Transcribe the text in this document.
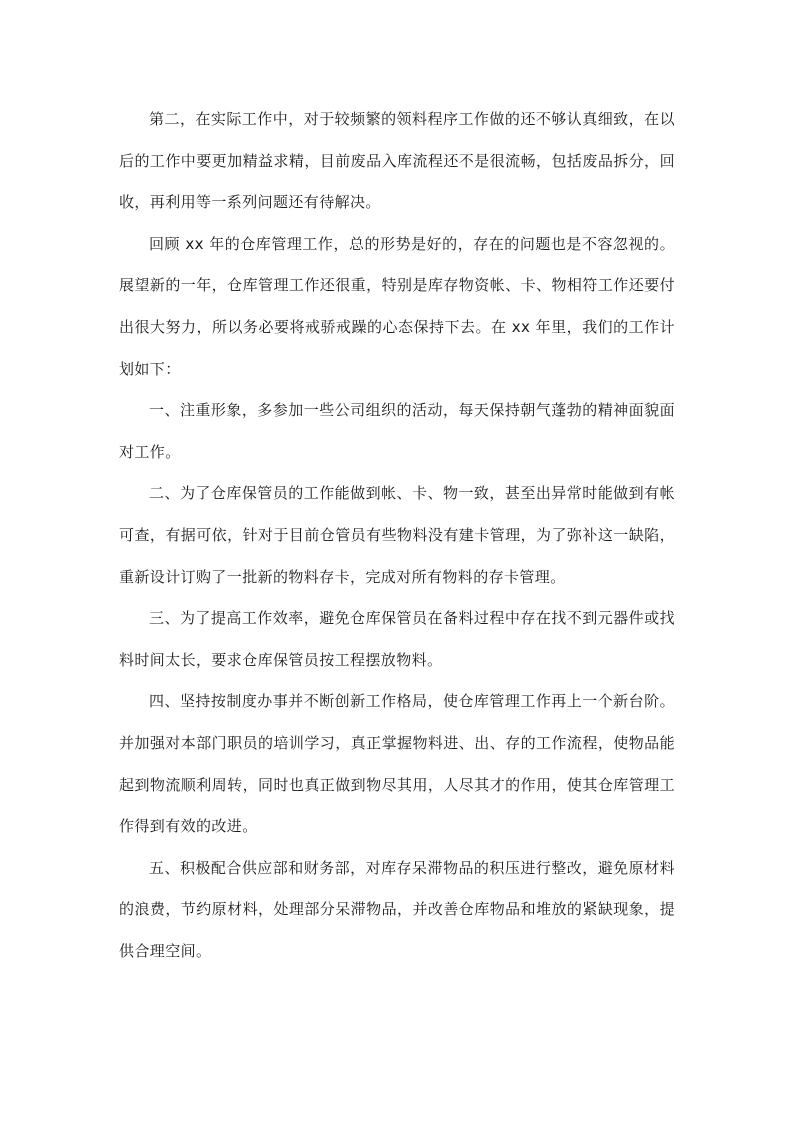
第二，在实际工作中，对于较频繁的领料程序工作做的还不够认真细致，在以后的工作中要更加精益求精，目前废品入库流程还不是很流畅，包括废品拆分，回收，再利用等一系列问题还有待解决。

回顾 xx 年的仓库管理工作，总的形势是好的，存在的问题也是不容忽视的。展望新的一年，仓库管理工作还很重，特别是库存物资帐、卡、物相符工作还要付出很大努力，所以务必要将戒骄戒躁的心态保持下去。在 xx 年里，我们的工作计划如下：

一、注重形象，多参加一些公司组织的活动，每天保持朝气蓬勃的精神面貌面对工作。

二、为了仓库保管员的工作能做到帐、卡、物一致，甚至出异常时能做到有帐可查，有据可依，针对于目前仓管员有些物料没有建卡管理，为了弥补这一缺陷，重新设计订购了一批新的物料存卡，完成对所有物料的存卡管理。

三、为了提高工作效率，避免仓库保管员在备料过程中存在找不到元器件或找料时间太长，要求仓库保管员按工程摆放物料。

四、坚持按制度办事并不断创新工作格局，使仓库管理工作再上一个新台阶。并加强对本部门职员的培训学习，真正掌握物料进、出、存的工作流程，使物品能起到物流顺利周转，同时也真正做到物尽其用，人尽其才的作用，使其仓库管理工作得到有效的改进。

五、积极配合供应部和财务部，对库存呆滞物品的积压进行整改，避免原材料的浪费，节约原材料，处理部分呆滞物品，并改善仓库物品和堆放的紧缺现象，提供合理空间。
